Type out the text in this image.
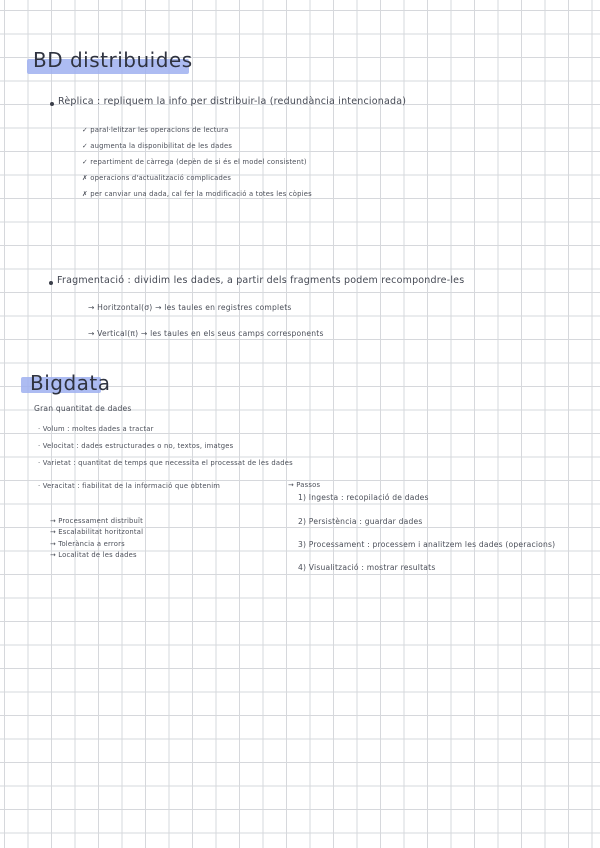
BD distribuides
Rèplica : repliquem la info per distribuir-la (redundància intencionada)
✓ paral·lelitzar les operacions de lectura
✓ augmenta la disponibilitat de les dades
✓ repartiment de càrrega (depèn de si és el model consistent)
✗ operacions d'actualització complicades
✗ per canviar una dada, cal fer la modificació a totes les còpies
Fragmentació : dividim les dades, a partir dels fragments podem recompondre-les
→ Horitzontal(σ) → les taules en registres complets
→ Vertical(π) → les taules en els seus camps corresponents
Bigdata
Gran quantitat de dades
· Volum : moltes dades a tractar
· Velocitat : dades estructurades o no, textos, imatges
· Varietat : quantitat de temps que necessita el processat de les dades
· Veracitat : fiabilitat de la informació que obtenim
→ Processament distribuït
→ Escalabilitat horitzontal
→ Tolerància a errors
→ Localitat de les dades
→ Passos
1) Ingesta : recopilació de dades
2) Persistència : guardar dades
3) Processament : processem i analitzem les dades (operacions)
4) Visualització : mostrar resultats
